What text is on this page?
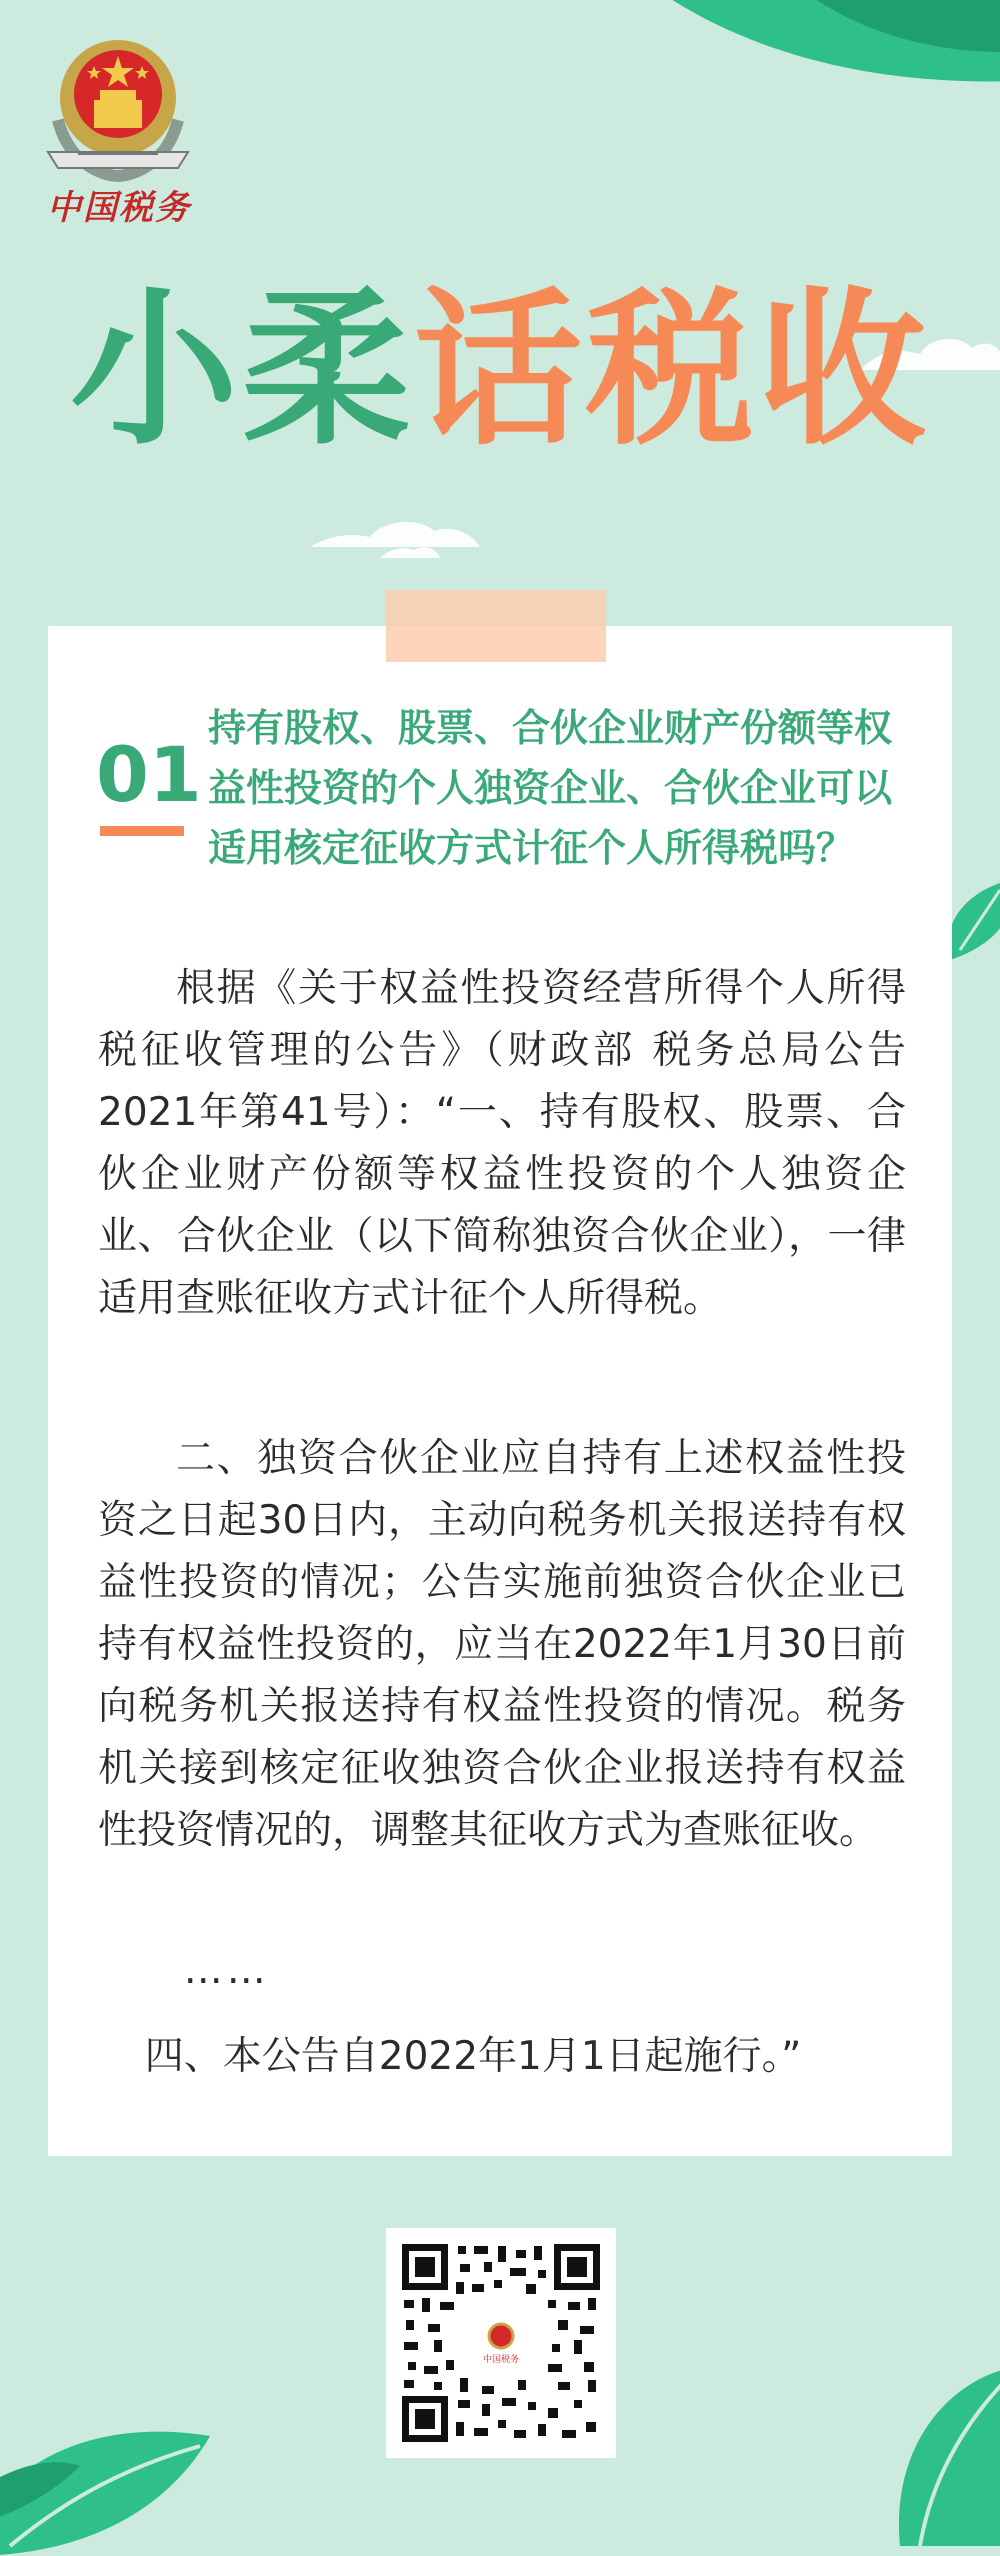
中国税务
小柔话税收
01
持有股权、股票、合伙企业财产份额等权益性投资的个人独资企业、合伙企业可以适用核定征收方式计征个人所得税吗？

根据《关于权益性投资经营所得个人所得税征收管理的公告》（财政部 税务总局公告2021年第41号）：“一、持有股权、股票、合伙企业财产份额等权益性投资的个人独资企业、合伙企业（以下简称独资合伙企业），一律适用查账征收方式计征个人所得税。

二、独资合伙企业应自持有上述权益性投资之日起30日内，主动向税务机关报送持有权益性投资的情况；公告实施前独资合伙企业已持有权益性投资的，应当在2022年1月30日前向税务机关报送持有权益性投资的情况。税务机关接到核定征收独资合伙企业报送持有权益性投资情况的，调整其征收方式为查账征收。

……

四、本公告自2022年1月1日起施行。”

中国税务
